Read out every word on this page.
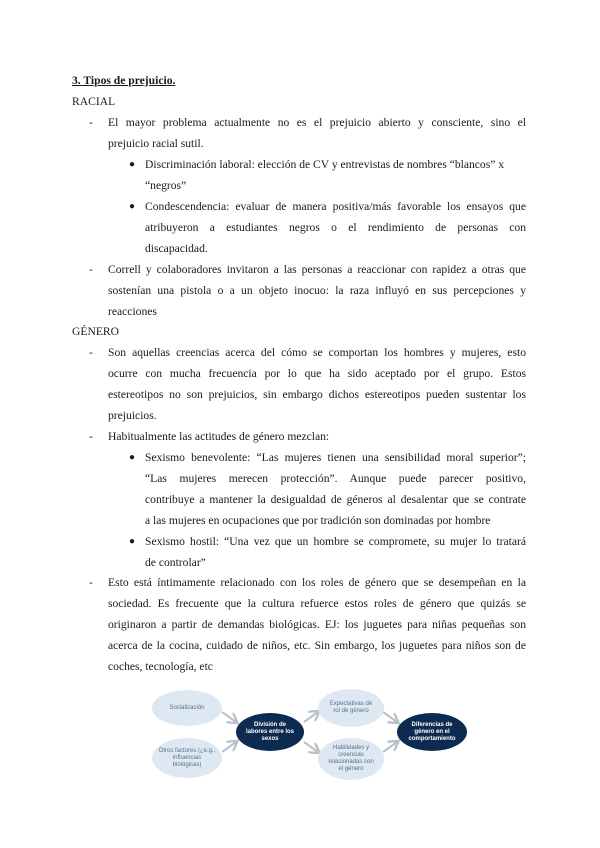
3. Tipos de prejuicio.
RACIAL
- El mayor problema actualmente no es el prejuicio abierto y consciente, sino el
prejuicio racial sutil.
● Discriminación laboral: elección de CV y entrevistas de nombres “blancos” x
“negros”
● Condescendencia: evaluar de manera positiva/más favorable los ensayos que
atribuyeron a estudiantes negros o el rendimiento de personas con
discapacidad.
- Correll y colaboradores invitaron a las personas a reaccionar con rapidez a otras que
sostenían una pistola o a un objeto inocuo: la raza influyó en sus percepciones y
reacciones
GÉNERO
- Son aquellas creencias acerca del cómo se comportan los hombres y mujeres, esto
ocurre con mucha frecuencia por lo que ha sido aceptado por el grupo. Estos
estereotipos no son prejuicios, sin embargo dichos estereotipos pueden sustentar los
prejuicios.
- Habitualmente las actitudes de género mezclan:
● Sexismo benevolente: “Las mujeres tienen una sensibilidad moral superior”;
“Las mujeres merecen protección”. Aunque puede parecer positivo,
contribuye a mantener la desigualdad de géneros al desalentar que se contrate
a las mujeres en ocupaciones que por tradición son dominadas por hombre
● Sexismo hostil: “Una vez que un hombre se compromete, su mujer lo tratará
de controlar”
- Esto está íntimamente relacionado con los roles de género que se desempeñan en la
sociedad. Es frecuente que la cultura refuerce estos roles de género que quizás se
originaron a partir de demandas biológicas. EJ: los juguetes para niñas pequeñas son
acerca de la cocina, cuidado de niños, etc. Sin embargo, los juguetes para niños son de
coches, tecnología, etc
Socialización
Otros factores (¿e.g., influencias biológicas)
División de labores entre los sexos
Expectativas de rol de género
Habilidades y creencias relacionadas con el género
Diferencias de género en el comportamiento
